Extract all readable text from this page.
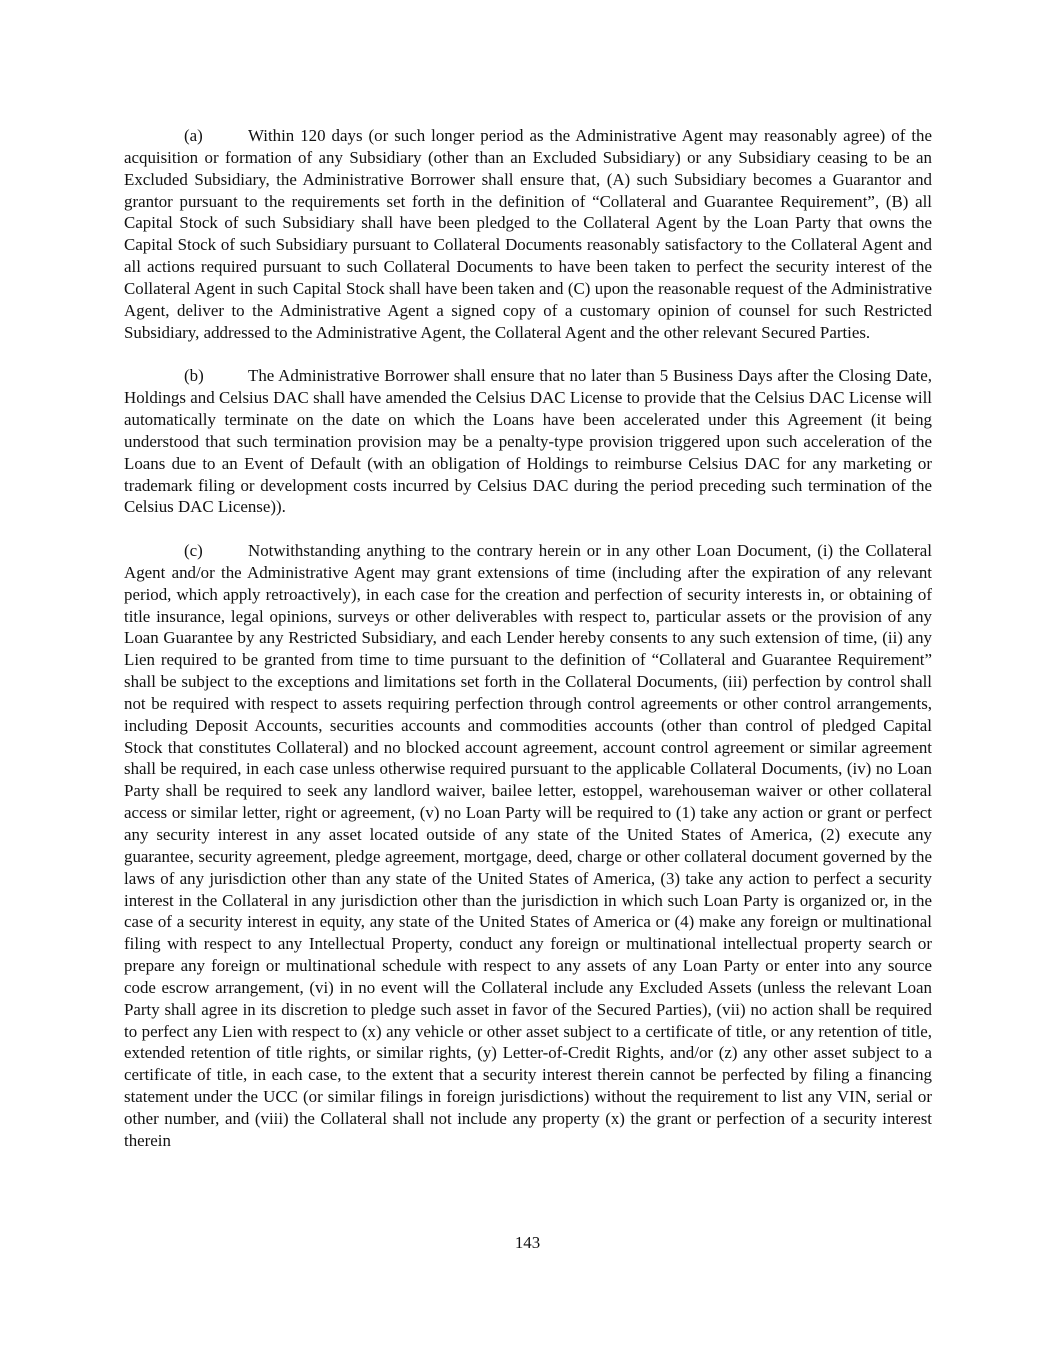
(a)	Within 120 days (or such longer period as the Administrative Agent may reasonably agree) of the acquisition or formation of any Subsidiary (other than an Excluded Subsidiary) or any Subsidiary ceasing to be an Excluded Subsidiary, the Administrative Borrower shall ensure that, (A) such Subsidiary becomes a Guarantor and grantor pursuant to the requirements set forth in the definition of “Collateral and Guarantee Requirement”, (B) all Capital Stock of such Subsidiary shall have been pledged to the Collateral Agent by the Loan Party that owns the Capital Stock of such Subsidiary pursuant to Collateral Documents reasonably satisfactory to the Collateral Agent and all actions required pursuant to such Collateral Documents to have been taken to perfect the security interest of the Collateral Agent in such Capital Stock shall have been taken and (C) upon the reasonable request of the Administrative Agent, deliver to the Administrative Agent a signed copy of a customary opinion of counsel for such Restricted Subsidiary, addressed to the Administrative Agent, the Collateral Agent and the other relevant Secured Parties.

(b)	The Administrative Borrower shall ensure that no later than 5 Business Days after the Closing Date, Holdings and Celsius DAC shall have amended the Celsius DAC License to provide that the Celsius DAC License will automatically terminate on the date on which the Loans have been accelerated under this Agreement (it being understood that such termination provision may be a penalty-type provision triggered upon such acceleration of the Loans due to an Event of Default (with an obligation of Holdings to reimburse Celsius DAC for any marketing or trademark filing or development costs incurred by Celsius DAC during the period preceding such termination of the Celsius DAC License)).

(c)	Notwithstanding anything to the contrary herein or in any other Loan Document, (i) the Collateral Agent and/or the Administrative Agent may grant extensions of time (including after the expiration of any relevant period, which apply retroactively), in each case for the creation and perfection of security interests in, or obtaining of title insurance, legal opinions, surveys or other deliverables with respect to, particular assets or the provision of any Loan Guarantee by any Restricted Subsidiary, and each Lender hereby consents to any such extension of time, (ii) any Lien required to be granted from time to time pursuant to the definition of “Collateral and Guarantee Requirement” shall be subject to the exceptions and limitations set forth in the Collateral Documents, (iii) perfection by control shall not be required with respect to assets requiring perfection through control agreements or other control arrangements, including Deposit Accounts, securities accounts and commodities accounts (other than control of pledged Capital Stock that constitutes Collateral) and no blocked account agreement, account control agreement or similar agreement shall be required, in each case unless otherwise required pursuant to the applicable Collateral Documents, (iv) no Loan Party shall be required to seek any landlord waiver, bailee letter, estoppel, warehouseman waiver or other collateral access or similar letter, right or agreement, (v) no Loan Party will be required to (1) take any action or grant or perfect any security interest in any asset located outside of any state of the United States of America, (2) execute any guarantee, security agreement, pledge agreement, mortgage, deed, charge or other collateral document governed by the laws of any jurisdiction other than any state of the United States of America, (3) take any action to perfect a security interest in the Collateral in any jurisdiction other than the jurisdiction in which such Loan Party is organized or, in the case of a security interest in equity, any state of the United States of America or (4) make any foreign or multinational filing with respect to any Intellectual Property, conduct any foreign or multinational intellectual property search or prepare any foreign or multinational schedule with respect to any assets of any Loan Party or enter into any source code escrow arrangement, (vi) in no event will the Collateral include any Excluded Assets (unless the relevant Loan Party shall agree in its discretion to pledge such asset in favor of the Secured Parties), (vii) no action shall be required to perfect any Lien with respect to (x) any vehicle or other asset subject to a certificate of title, or any retention of title, extended retention of title rights, or similar rights, (y) Letter-of-Credit Rights, and/or (z) any other asset subject to a certificate of title, in each case, to the extent that a security interest therein cannot be perfected by filing a financing statement under the UCC (or similar filings in foreign jurisdictions) without the requirement to list any VIN, serial or other number, and (viii) the Collateral shall not include any property (x) the grant or perfection of a security interest therein

143
